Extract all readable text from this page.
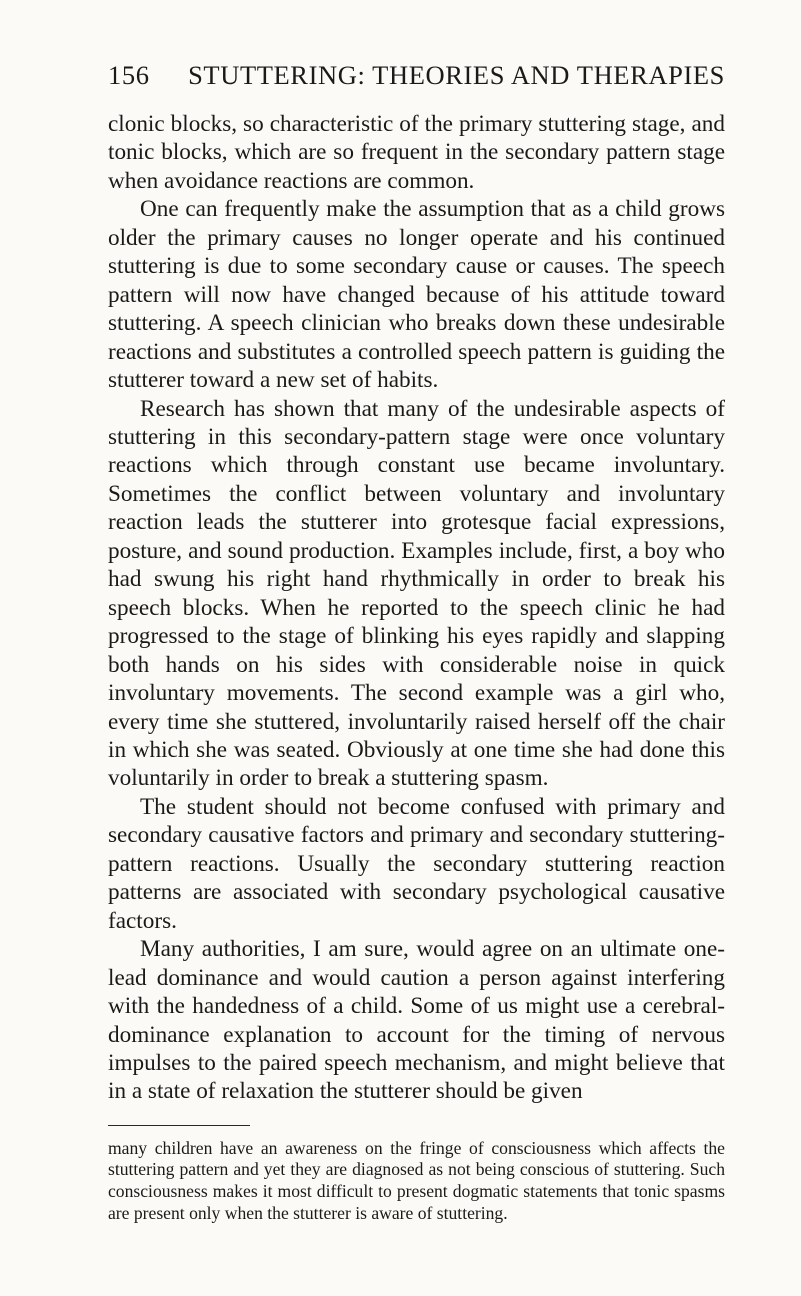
156	STUTTERING: THEORIES AND THERAPIES

clonic blocks, so characteristic of the primary stuttering stage, and tonic blocks, which are so frequent in the secondary pattern stage when avoidance reactions are common.

One can frequently make the assumption that as a child grows older the primary causes no longer operate and his continued stuttering is due to some secondary cause or causes. The speech pattern will now have changed because of his attitude toward stuttering. A speech clinician who breaks down these undesirable reactions and substitutes a controlled speech pattern is guiding the stutterer toward a new set of habits.

Research has shown that many of the undesirable aspects of stuttering in this secondary-pattern stage were once voluntary reactions which through constant use became involuntary. Sometimes the conflict between voluntary and involuntary reaction leads the stutterer into grotesque facial expressions, posture, and sound production. Examples include, first, a boy who had swung his right hand rhythmically in order to break his speech blocks. When he reported to the speech clinic he had progressed to the stage of blinking his eyes rapidly and slapping both hands on his sides with considerable noise in quick involuntary movements. The second example was a girl who, every time she stuttered, involuntarily raised herself off the chair in which she was seated. Obviously at one time she had done this voluntarily in order to break a stuttering spasm.

The student should not become confused with primary and secondary causative factors and primary and secondary stuttering-pattern reactions. Usually the secondary stuttering reaction patterns are associated with secondary psychological causative factors.

Many authorities, I am sure, would agree on an ultimate one-lead dominance and would caution a person against interfering with the handedness of a child. Some of us might use a cerebral-dominance explanation to account for the timing of nervous impulses to the paired speech mechanism, and might believe that in a state of relaxation the stutterer should be given

many children have an awareness on the fringe of consciousness which affects the stuttering pattern and yet they are diagnosed as not being conscious of stuttering. Such consciousness makes it most difficult to present dogmatic statements that tonic spasms are present only when the stutterer is aware of stuttering.
